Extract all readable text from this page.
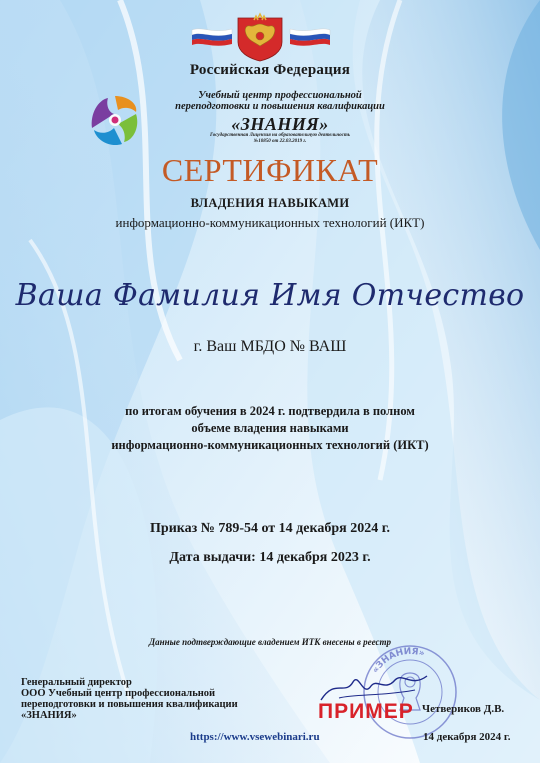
Российская Федерация
Учебный центр профессиональной
переподготовки и повышения квалификации
«ЗНАНИЯ»
Государственная Лицензия на образовательную деятельность
№10850 от 22.03.2019 г.
СЕРТИФИКАТ
ВЛАДЕНИЯ НАВЫКАМИ
информационно-коммуникационных технологий (ИКТ)
Ваша Фамилия Имя Отчество
г. Ваш МБДО № ВАШ
по итогам обучения в 2024 г. подтвердила в полном
объеме владения навыками
информационно-коммуникационных технологий (ИКТ)
Приказ № 789-54 от 14 декабря 2024 г.
Дата выдачи: 14 декабря 2023 г.
Данные подтверждающие владением ИТК внесены в реестр
Генеральный директор
ООО Учебный центр профессиональной
переподготовки и повышения квалификации
«ЗНАНИЯ»
«ЗНАНИЯ»
ПРИМЕР Четвериков Д.В.
https://www.vsewebinari.ru	14 декабря 2024 г.
